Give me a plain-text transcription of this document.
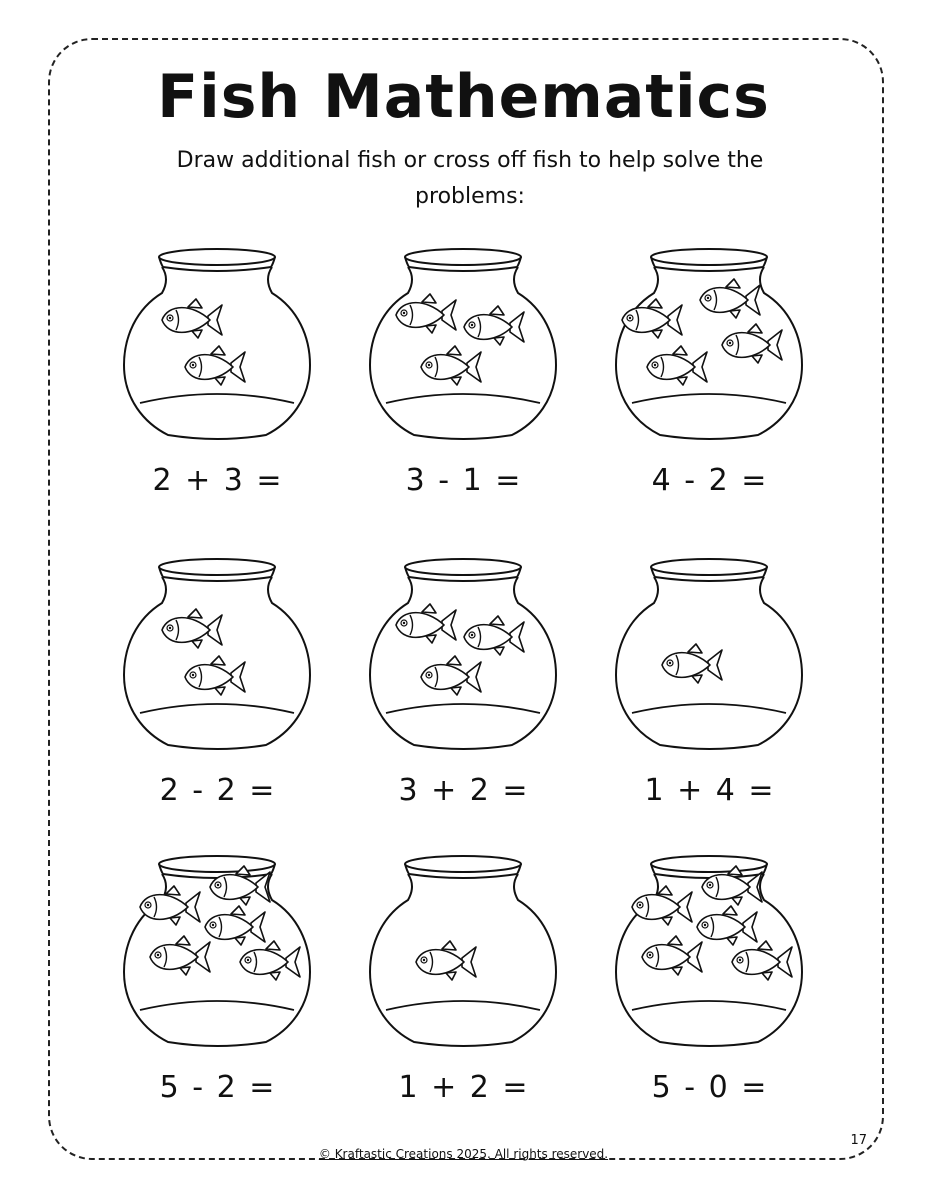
Fish Mathematics

Draw additional fish or cross off fish to help solve the problems:

2 + 3 =	3 - 1 =	4 - 2 =
2 - 2 =	3 + 2 =	1 + 4 =
5 - 2 =	1 + 2 =	5 - 0 =
17
© Kraftastic Creations 2025. All rights reserved.
